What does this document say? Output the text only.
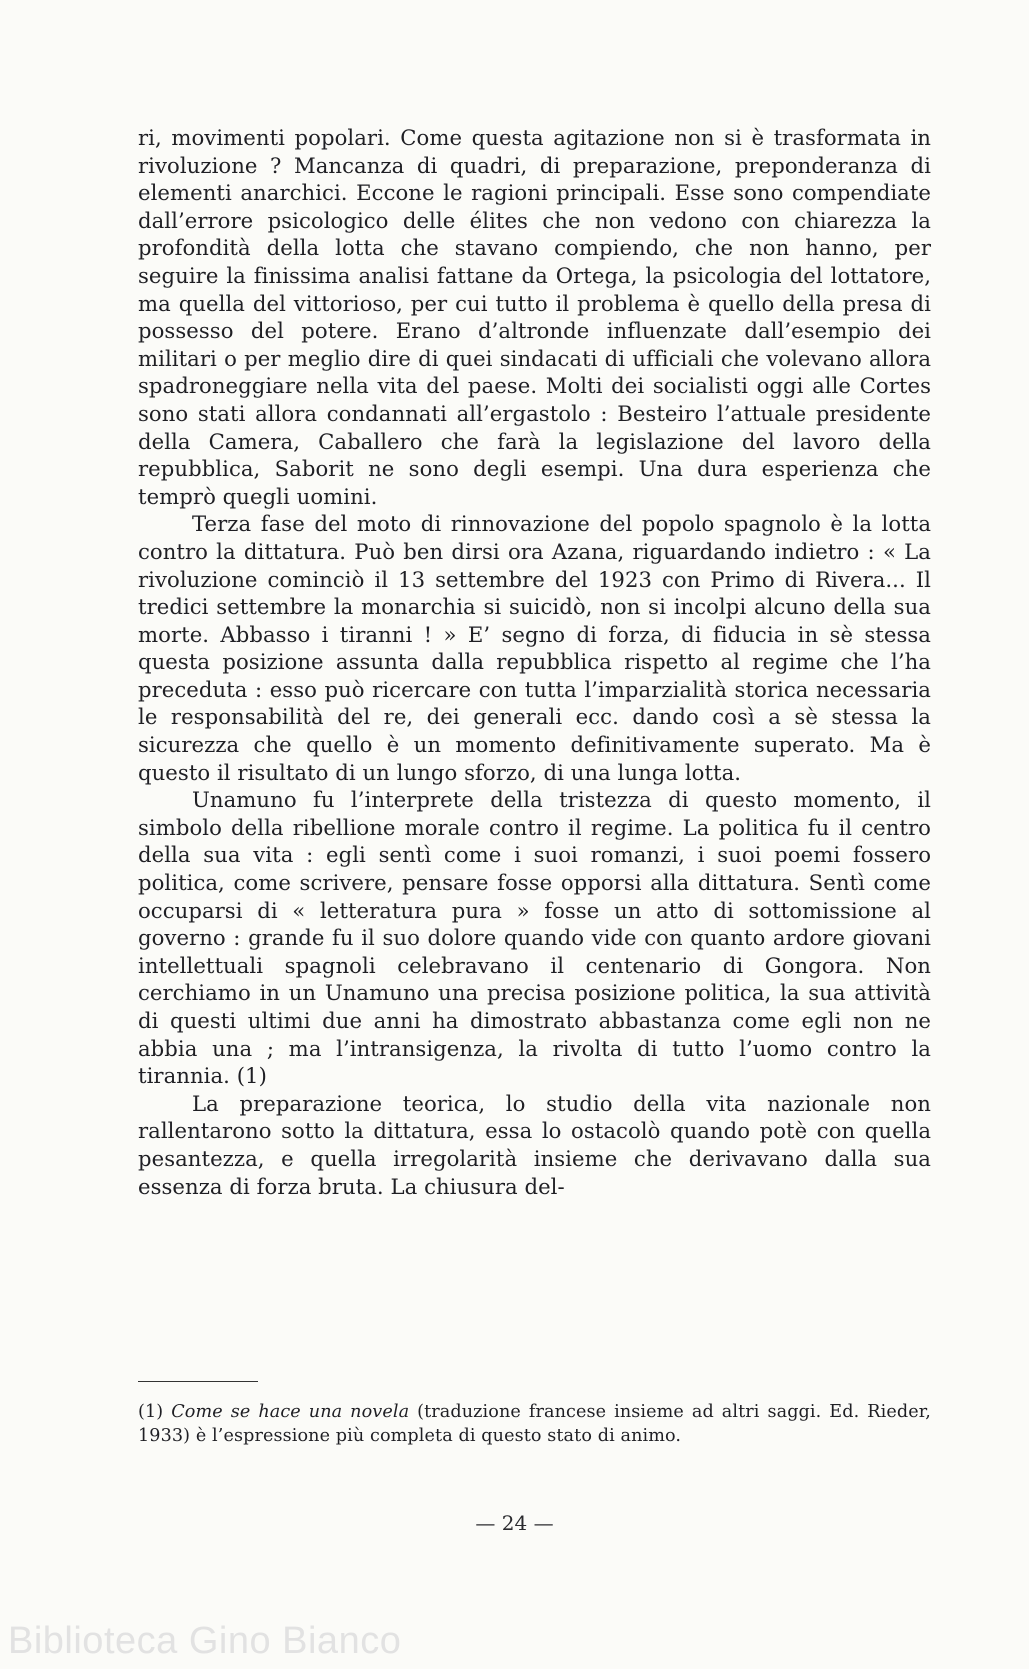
ri, movimenti popolari. Come questa agitazione non si è trasformata in rivoluzione ? Mancanza di quadri, di preparazione, preponderanza di elementi anarchici. Eccone le ragioni principali. Esse sono compendiate dall’errore psicologico delle élites che non vedono con chiarezza la profondità della lotta che stavano compiendo, che non hanno, per seguire la finissima analisi fattane da Ortega, la psicologia del lottatore, ma quella del vittorioso, per cui tutto il problema è quello della presa di possesso del potere. Erano d’altronde influenzate dall’esempio dei militari o per meglio dire di quei sindacati di ufficiali che volevano allora spadroneggiare nella vita del paese. Molti dei socialisti oggi alle Cortes sono stati allora condannati all’ergastolo : Besteiro l’attuale presidente della Camera, Caballero che farà la legislazione del lavoro della repubblica, Saborit ne sono degli esempi. Una dura esperienza che temprò quegli uomini.

Terza fase del moto di rinnovazione del popolo spagnolo è la lotta contro la dittatura. Può ben dirsi ora Azana, riguardando indietro : « La rivoluzione cominciò il 13 settembre del 1923 con Primo di Rivera... Il tredici settembre la monarchia si suicidò, non si incolpi alcuno della sua morte. Abbasso i tiranni ! » E’ segno di forza, di fiducia in sè stessa questa posizione assunta dalla repubblica rispetto al regime che l’ha preceduta : esso può ricercare con tutta l’imparzialità storica necessaria le responsabilità del re, dei generali ecc. dando così a sè stessa la sicurezza che quello è un momento definitivamente superato. Ma è questo il risultato di un lungo sforzo, di una lunga lotta.

Unamuno fu l’interprete della tristezza di questo momento, il simbolo della ribellione morale contro il regime. La politica fu il centro della sua vita : egli sentì come i suoi romanzi, i suoi poemi fossero politica, come scrivere, pensare fosse opporsi alla dittatura. Sentì come occuparsi di « letteratura pura » fosse un atto di sottomissione al governo : grande fu il suo dolore quando vide con quanto ardore giovani intellettuali spagnoli celebravano il centenario di Gongora. Non cerchiamo in un Unamuno una precisa posizione politica, la sua attività di questi ultimi due anni ha dimostrato abbastanza come egli non ne abbia una ; ma l’intransigenza, la rivolta di tutto l’uomo contro la tirannia. (1)

La preparazione teorica, lo studio della vita nazionale non rallentarono sotto la dittatura, essa lo ostacolò quando potè con quella pesantezza, e quella irregolarità insieme che derivavano dalla sua essenza di forza bruta. La chiusura del-

(1) Come se hace una novela (traduzione francese insieme ad altri saggi. Ed. Rieder, 1933) è l’espressione più completa di questo stato di animo.

— 24 —
Biblioteca Gino Bianco
